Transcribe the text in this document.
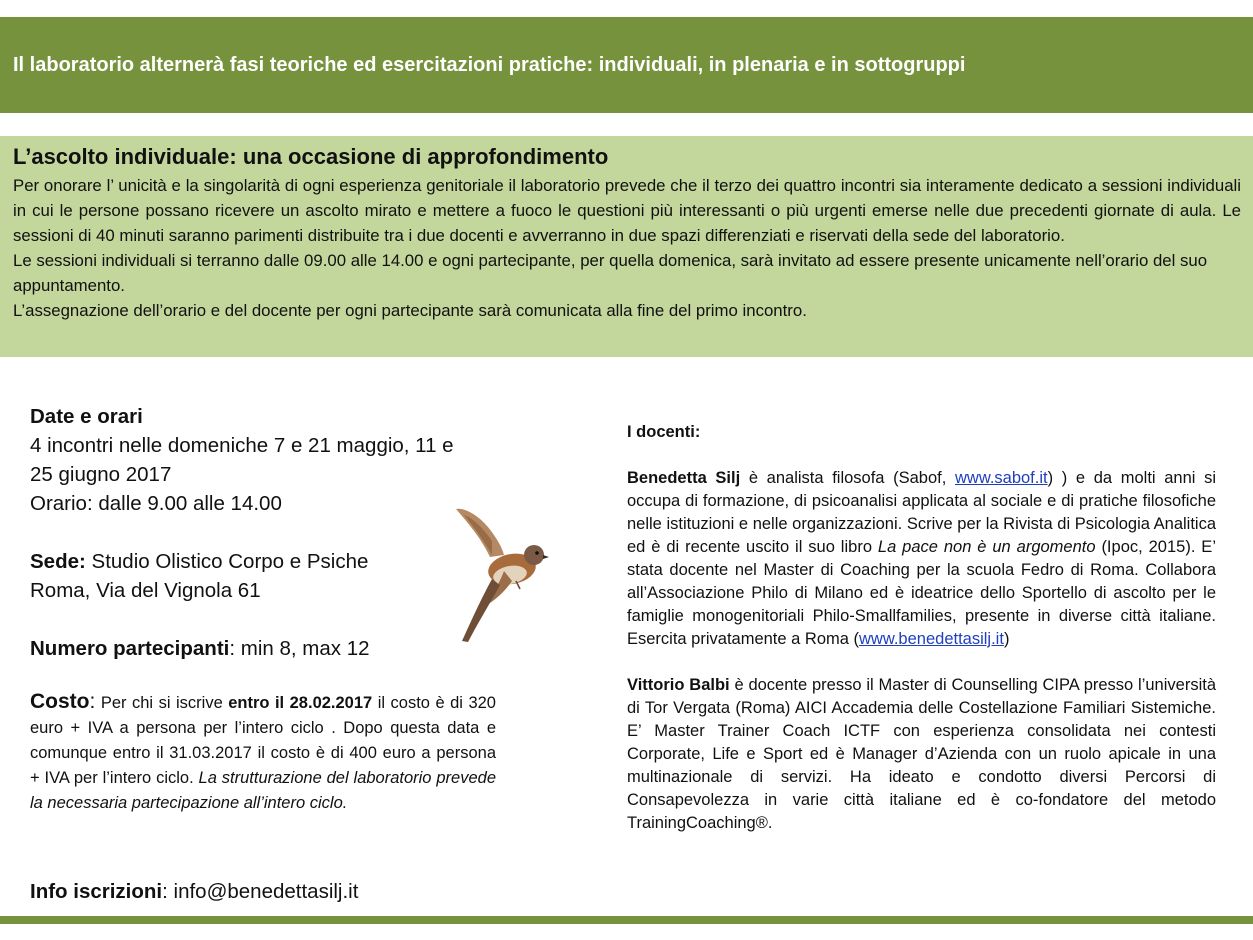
Il laboratorio alternerà fasi teoriche ed esercitazioni pratiche: individuali, in plenaria e in sottogruppi
L’ascolto individuale: una occasione di approfondimento

Per onorare l’ unicità e la singolarità di ogni esperienza genitoriale il laboratorio prevede che il terzo dei quattro incontri sia interamente dedicato a sessioni individuali in cui le persone possano ricevere un ascolto mirato e mettere a fuoco le questioni più interessanti o più urgenti emerse nelle due precedenti giornate di aula. Le sessioni di 40 minuti saranno parimenti distribuite tra i due docenti e avverranno in due spazi differenziati e riservati della sede del laboratorio.

Le sessioni individuali si terranno dalle 09.00 alle 14.00 e ogni partecipante, per quella domenica, sarà invitato ad essere presente unicamente nell’orario del suo appuntamento.

L’assegnazione dell’orario e del docente per ogni partecipante sarà comunicata alla fine del primo incontro.

Date e orari
4 incontri nelle domeniche 7 e 21 maggio, 11 e
25 giugno 2017
Orario: dalle 9.00 alle 14.00
Sede: Studio Olistico Corpo e Psiche
Roma, Via del Vignola 61
Numero partecipanti: min 8, max 12
Costo: Per chi si iscrive entro il 28.02.2017 il costo è di 320 euro + IVA a persona per l’intero ciclo . Dopo questa data e comunque entro il 31.03.2017 il costo è di 400 euro a persona + IVA per l’intero ciclo. La strutturazione del laboratorio prevede la necessaria partecipazione all’intero ciclo.
Info iscrizioni: info@benedettasilj.it

I docenti:

Benedetta Silj è analista filosofa (Sabof, www.sabof.it) ) e da molti anni si occupa di formazione, di psicoanalisi applicata al sociale e di pratiche filosofiche nelle istituzioni e nelle organizzazioni. Scrive per la Rivista di Psicologia Analitica ed è di recente uscito il suo libro La pace non è un argomento (Ipoc, 2015). E’ stata docente nel Master di Coaching per la scuola Fedro di Roma. Collabora all’Associazione Philo di Milano ed è ideatrice dello Sportello di ascolto per le famiglie monogenitoriali Philo-Smallfamilies, presente in diverse città italiane. Esercita privatamente a Roma (www.benedettasilj.it)

Vittorio Balbi è docente presso il Master di Counselling CIPA presso l’università di Tor Vergata (Roma) AICI Accademia delle Costellazione Familiari Sistemiche. E’ Master Trainer Coach ICTF con esperienza consolidata nei contesti Corporate, Life e Sport ed è Manager d’Azienda con un ruolo apicale in una multinazionale di servizi. Ha ideato e condotto diversi Percorsi di Consapevolezza in varie città italiane ed è co-fondatore del metodo TrainingCoaching®.
